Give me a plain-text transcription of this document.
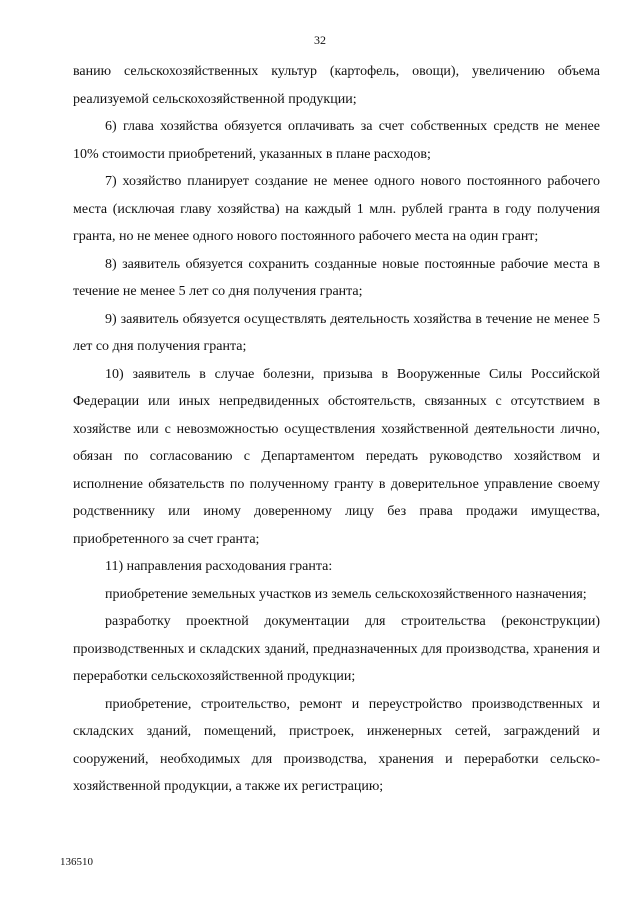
32

ванию сельскохозяйственных культур (картофель, овощи), увеличению объема реализуемой сельскохозяйственной продукции;

6) глава хозяйства обязуется оплачивать за счет собственных средств не менее 10% стоимости приобретений, указанных в плане расходов;

7) хозяйство планирует создание не менее одного нового постоянного рабочего места (исключая главу хозяйства) на каждый 1 млн. рублей гранта в году получения гранта, но не менее одного нового постоянного рабочего места на один грант;

8) заявитель обязуется сохранить созданные новые постоянные рабочие места в течение не менее 5 лет со дня получения гранта;

9) заявитель обязуется осуществлять деятельность хозяйства в течение не менее 5 лет со дня получения гранта;

10) заявитель в случае болезни, призыва в Вооруженные Силы Российской Федерации или иных непредвиденных обстоятельств, связанных с отсутствием в хозяйстве или с невозможностью осуществления хозяйственной деятельности лично, обязан по согласованию с Департаментом передать руководство хозяйством и исполнение обязательств по полученному гранту в доверительное управление своему родственнику или иному доверенному лицу без права продажи имущества, приобретенного за счет гранта;

11) направления расходования гранта:

приобретение земельных участков из земель сельскохозяйственного назначения;

разработку проектной документации для строительства (реконструкции) производственных и складских зданий, предназначенных для производства, хранения и переработки сельскохозяйственной продукции;

приобретение, строительство, ремонт и переустройство производственных и складских зданий, помещений, пристроек, инженерных сетей, заграждений и сооружений, необходимых для производства, хранения и переработки сельскохозяйственной продукции, а также их регистрацию;

136510
